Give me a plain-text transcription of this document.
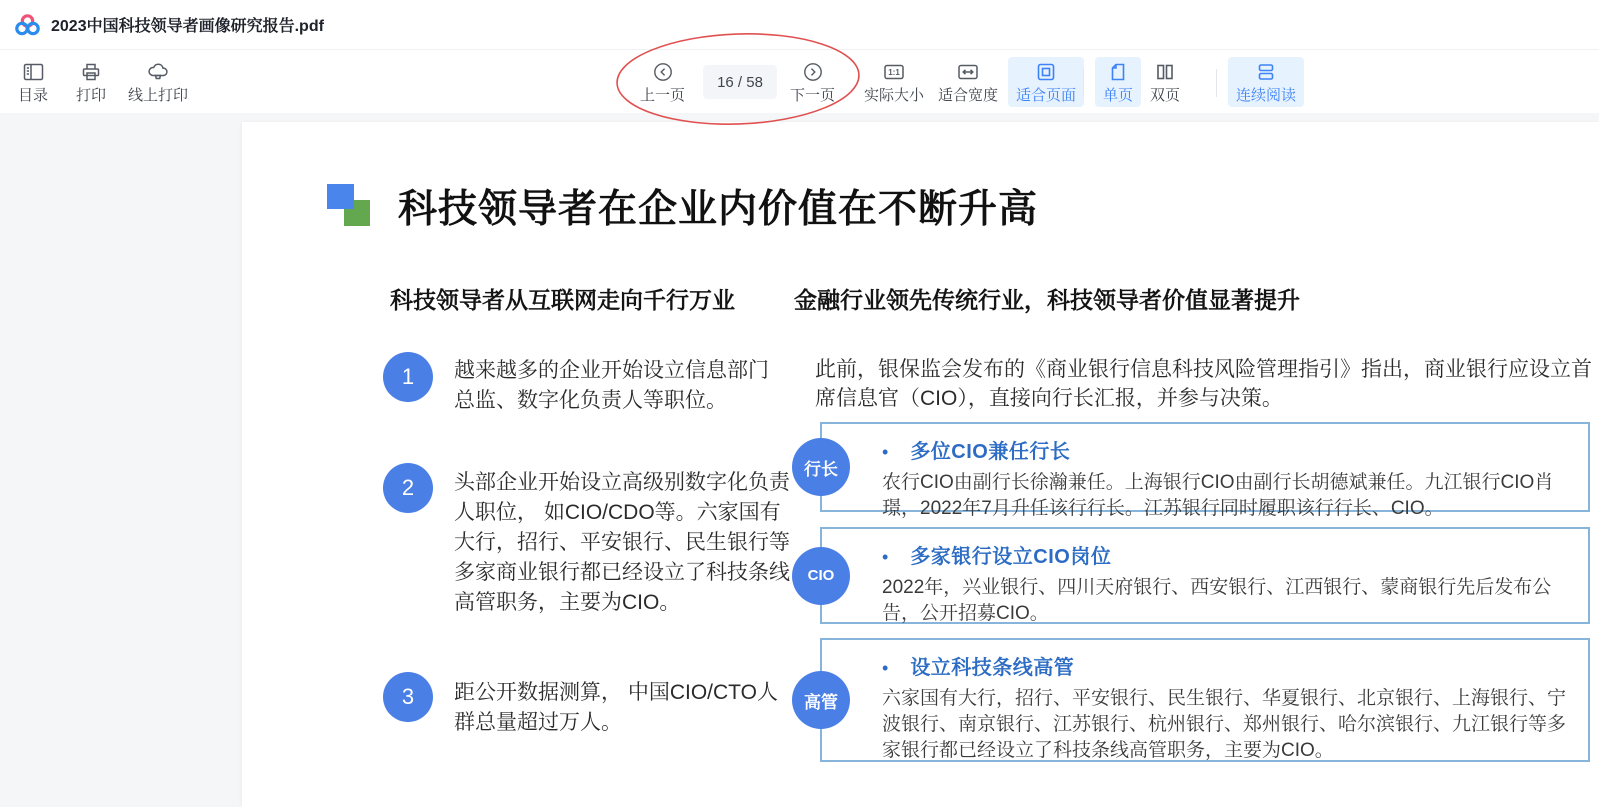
2023中国科技领导者画像研究报告.pdf
目录 打印 线上打印	上一页
16 / 58
下一页
1:1
实际大小 适合宽度 适合页面 单页 双页	连续阅读
科技领导者在企业内价值在不断升高
科技领导者从互联网走向千行万业	金融行业领先传统行业，科技领导者价值显著提升
1	越来越多的企业开始设立信息部门总监、数字化负责人等职位。
2	头部企业开始设立高级别数字化负责人职位， 如CIO/CDO等。六家国有大行，招行、平安银行、民生银行等多家商业银行都已经设立了科技条线高管职务，主要为CIO。
3	距公开数据测算， 中国CIO/CTO人群总量超过万人。
此前，银保监会发布的《商业银行信息科技风险管理指引》指出，商业银行应设立首席信息官（CIO），直接向行长汇报，并参与决策。
行长
• 多位CIO兼任行长
农行CIO由副行长徐瀚兼任。上海银行CIO由副行长胡德斌兼任。九江银行CIO肖璟，2022年7月升任该行行长。江苏银行同时履职该行行长、CIO。
CIO
• 多家银行设立CIO岗位
2022年，兴业银行、四川天府银行、西安银行、江西银行、蒙商银行先后发布公告，公开招募CIO。
高管
• 设立科技条线高管
六家国有大行，招行、平安银行、民生银行、华夏银行、北京银行、上海银行、宁波银行、南京银行、江苏银行、杭州银行、郑州银行、哈尔滨银行、九江银行等多家银行都已经设立了科技条线高管职务，主要为CIO。
